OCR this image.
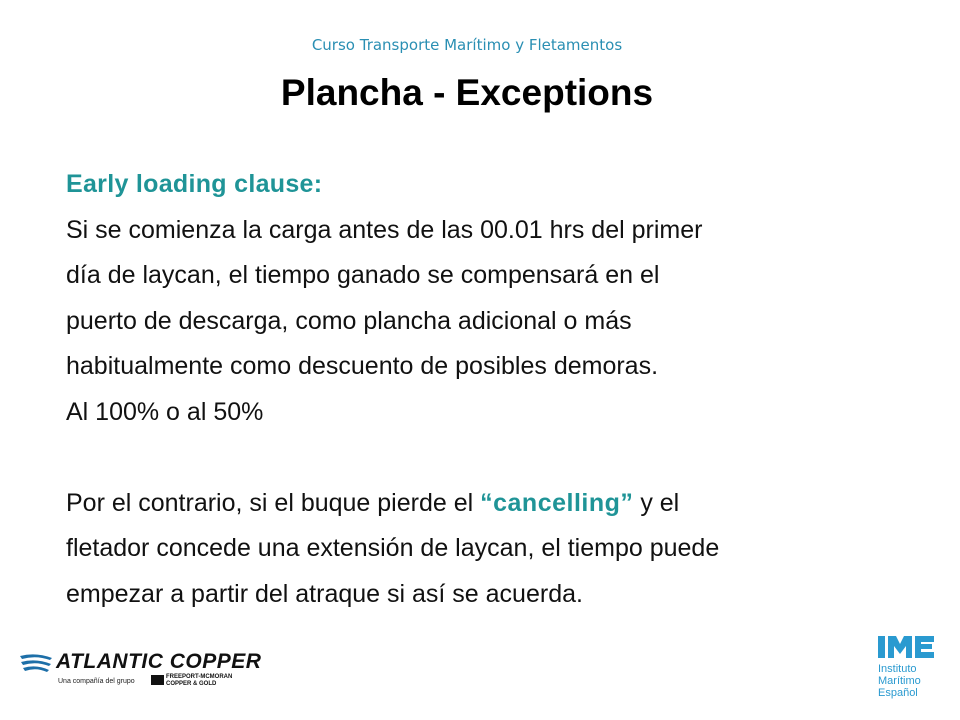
Curso Transporte Marítimo y Fletamentos
Plancha - Exceptions

Early loading clause:

Si se comienza la carga antes de las 00.01 hrs del primer

día de laycan, el tiempo ganado se compensará en el

puerto de descarga, como plancha adicional o más

habitualmente como descuento de posibles demoras.

Al 100% o al 50%

Por el contrario, si el buque pierde el “cancelling” y el

fletador concede una extensión de laycan, el tiempo puede

empezar a partir del atraque si así se acuerda.

ATLANTIC COPPER
Una compañía del grupo
FREEPORT-MCMORAN
COPPER & GOLD
Instituto
Marítimo
Español
